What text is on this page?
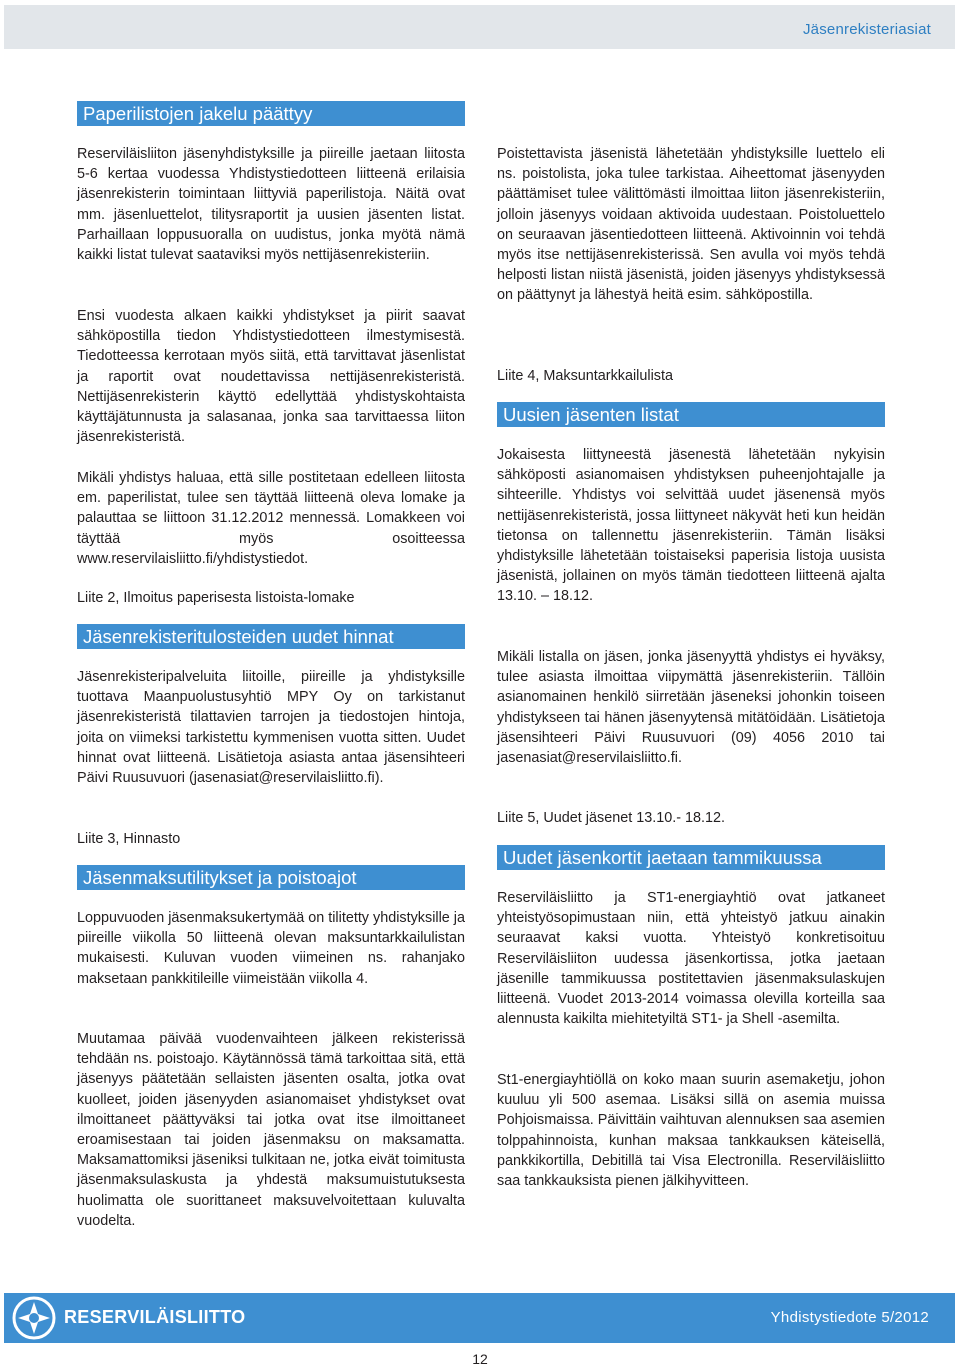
Jäsenrekisteriasiat
Paperilistojen jakelu päättyy

Reserviläisliiton jäsenyhdistyksille ja piireille jaetaan liitosta 5-6 kertaa vuodessa Yhdistystiedotteen liitteenä erilaisia jäsenrekisterin toimintaan liittyviä paperilistoja. Näitä ovat mm. jäsenluettelot, tilitysraportit ja uusien jäsenten listat. Parhaillaan loppusuoralla on uudistus, jonka myötä nämä kaikki listat tulevat saataviksi myös nettijäsenrekisteriin.

Ensi vuodesta alkaen kaikki yhdistykset ja piirit saavat sähköpostilla tiedon Yhdistystiedotteen ilmestymisestä. Tiedotteessa kerrotaan myös siitä, että tarvittavat jäsenlistat ja raportit ovat noudettavissa nettijäsenrekisteristä. Nettijäsenrekisterin käyttö edellyttää yhdistyskohtaista käyttäjätunnusta ja salasanaa, jonka saa tarvittaessa liiton jäsenrekisteristä.

Mikäli yhdistys haluaa, että sille postitetaan edelleen liitosta em. paperilistat, tulee sen täyttää liitteenä oleva lomake ja palauttaa se liittoon 31.12.2012 mennessä. Lomakkeen voi täyttää myös osoitteessa www.reservilaisliitto.fi/yhdistystiedot.

Liite 2, Ilmoitus paperisesta listoista-lomake

Jäsenrekisteritulosteiden uudet hinnat

Jäsenrekisteripalveluita liitoille, piireille ja yhdistyksille tuottava Maanpuolustusyhtiö MPY Oy on tarkistanut jäsenrekisteristä tilattavien tarrojen ja tiedostojen hintoja, joita on viimeksi tarkistettu kymmenisen vuotta sitten. Uudet hinnat ovat liitteenä. Lisätietoja asiasta antaa jäsensihteeri Päivi Ruusuvuori (jasenasiat@reservilaisliitto.fi).

Liite 3, Hinnasto

Jäsenmaksutilitykset ja poistoajot

Loppuvuoden jäsenmaksukertymää on tilitetty yhdistyksille ja piireille viikolla 50 liitteenä olevan maksuntarkkailulistan mukaisesti. Kuluvan vuoden viimeinen ns. rahanjako maksetaan pankkitileille viimeistään viikolla 4.

Muutamaa päivää vuodenvaihteen jälkeen rekisterissä tehdään ns. poistoajo. Käytännössä tämä tarkoittaa sitä, että jäsenyys päätetään sellaisten jäsenten osalta, jotka ovat kuolleet, joiden jäsenyyden asianomaiset yhdistykset ovat ilmoittaneet päättyväksi tai jotka ovat itse ilmoittaneet eroamisestaan tai joiden jäsenmaksu on maksamatta. Maksamattomiksi jäseniksi tulkitaan ne, jotka eivät toimitusta jäsenmaksulaskusta ja yhdestä maksumuistutuksesta huolimatta ole suorittaneet maksuvelvoitettaan kuluvalta vuodelta.

Poistettavista jäsenistä lähetetään yhdistyksille luettelo eli ns. poistolista, joka tulee tarkistaa. Aiheettomat jäsenyyden päättämiset tulee välittömästi ilmoittaa liiton jäsenrekisteriin, jolloin jäsenyys voidaan aktivoida uudestaan. Poistoluettelo on seuraavan jäsentiedotteen liitteenä. Aktivoinnin voi tehdä myös itse nettijäsenrekisterissä. Sen avulla voi myös tehdä helposti listan niistä jäsenistä, joiden jäsenyys yhdistyksessä on päättynyt ja lähestyä heitä esim. sähköpostilla.

Liite 4, Maksuntarkkailulista

Uusien jäsenten listat

Jokaisesta liittyneestä jäsenestä lähetetään nykyisin sähköposti asianomaisen yhdistyksen puheenjohtajalle ja sihteerille. Yhdistys voi selvittää uudet jäsenensä myös nettijäsenrekisteristä, jossa liittyneet näkyvät heti kun heidän tietonsa on tallennettu jäsenrekisteriin. Tämän lisäksi yhdistyksille lähetetään toistaiseksi paperisia listoja uusista jäsenistä, jollainen on myös tämän tiedotteen liitteenä ajalta 13.10. – 18.12.

Mikäli listalla on jäsen, jonka jäsenyyttä yhdistys ei hyväksy, tulee asiasta ilmoittaa viipymättä jäsenrekisteriin. Tällöin asianomainen henkilö siirretään jäseneksi johonkin toiseen yhdistykseen tai hänen jäsenyytensä mitätöidään. Lisätietoja jäsensihteeri Päivi Ruusuvuori (09) 4056 2010 tai jasenasiat@reservilaisliitto.fi.

Liite 5, Uudet jäsenet 13.10.- 18.12.

Uudet jäsenkortit jaetaan tammikuussa

Reserviläisliitto ja ST1-energiayhtiö ovat jatkaneet yhteistyösopimustaan niin, että yhteistyö jatkuu ainakin seuraavat kaksi vuotta. Yhteistyö konkretisoituu Reserviläisliiton uudessa jäsenkortissa, jotka jaetaan jäsenille tammikuussa postitettavien jäsenmaksulaskujen liitteenä. Vuodet 2013-2014 voimassa olevilla korteilla saa alennusta kaikilta miehitetyiltä ST1- ja Shell -asemilta.

St1-energiayhtiöllä on koko maan suurin asemaketju, johon kuuluu yli 500 asemaa. Lisäksi sillä on asemia muissa Pohjoismaissa. Päivittäin vaihtuvan alennuksen saa asemien tolppahinnoista, kunhan maksaa tankkauksen käteisellä, pankkikortilla, Debitillä tai Visa Electronilla. Reserviläisliitto saa tankkauksista pienen jälkihyvitteen.

RESERVILÄISLIITTO	Yhdistystiedote 5/2012
12
